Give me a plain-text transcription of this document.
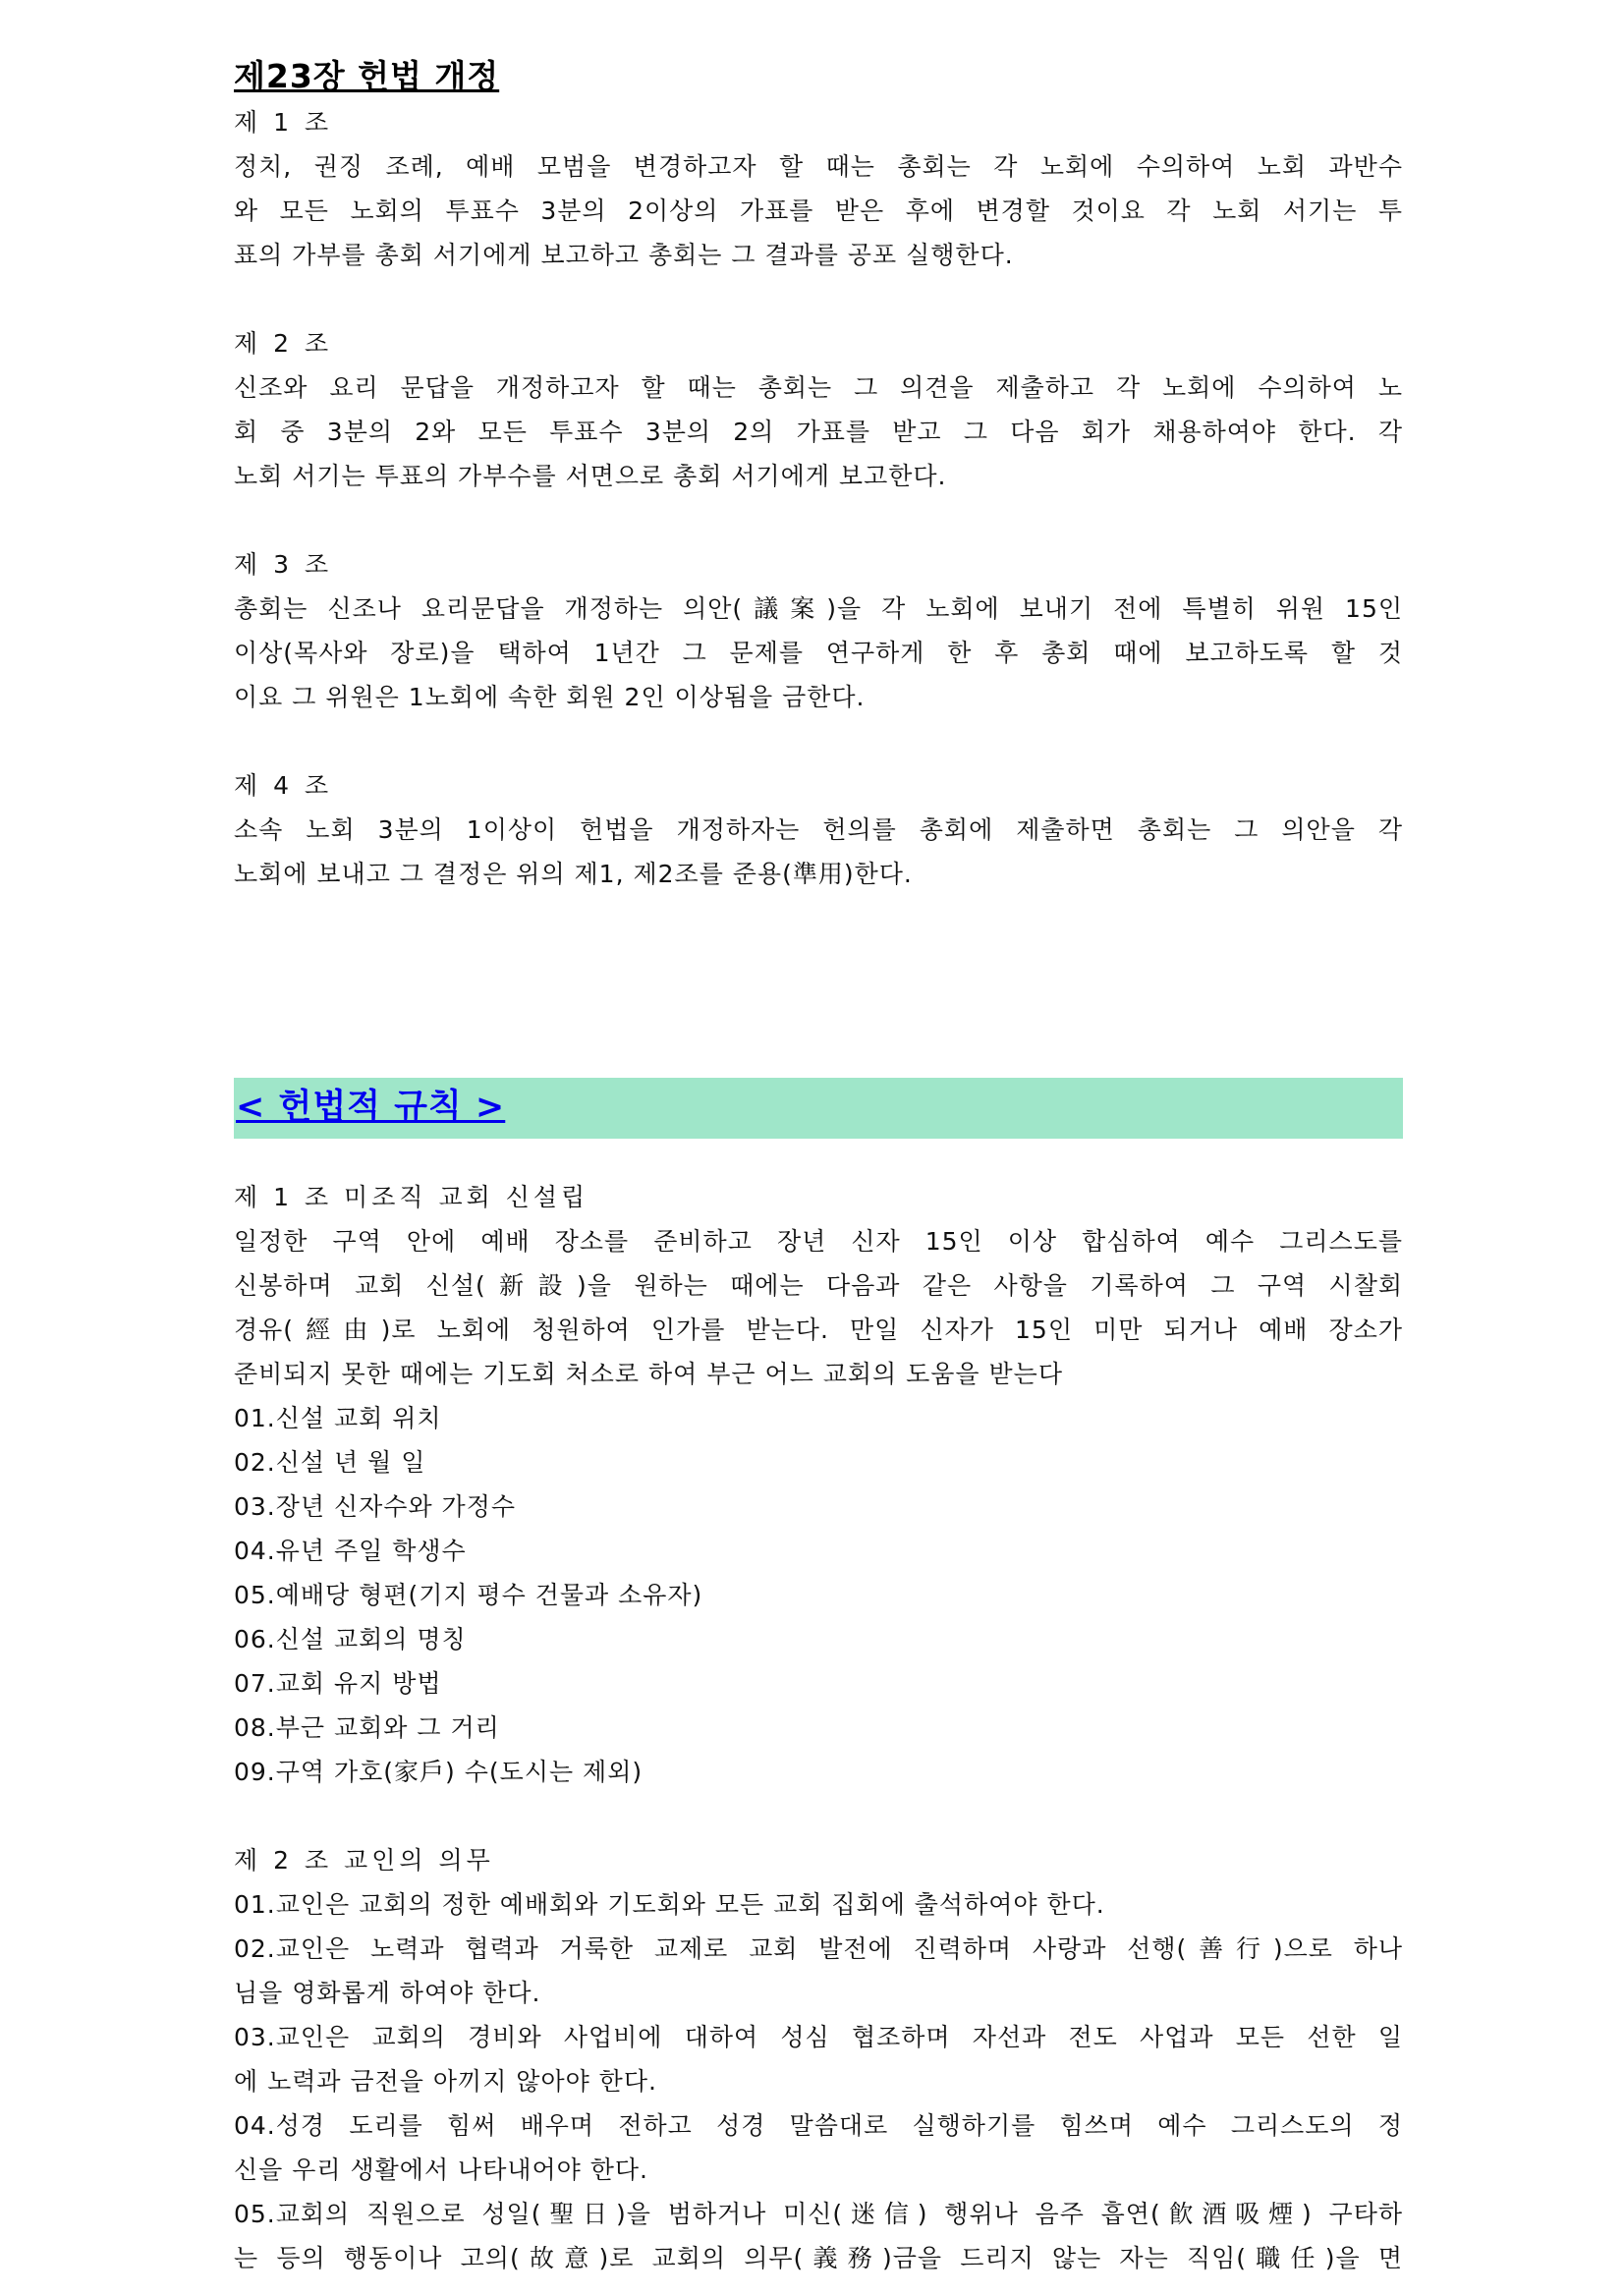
제23장 헌법 개정
제 1 조
정치, 권징 조례, 예배 모범을 변경하고자 할 때는 총회는 각 노회에 수의하여 노회 과반수
와 모든 노회의 투표수 3분의 2이상의 가표를 받은 후에 변경할 것이요 각 노회 서기는 투
표의 가부를 총회 서기에게 보고하고 총회는 그 결과를 공포 실행한다.
제 2 조
신조와 요리 문답을 개정하고자 할 때는 총회는 그 의견을 제출하고 각 노회에 수의하여 노
회 중 3분의 2와 모든 투표수 3분의 2의 가표를 받고 그 다음 회가 채용하여야 한다. 각
노회 서기는 투표의 가부수를 서면으로 총회 서기에게 보고한다.
제 3 조
총회는 신조나 요리문답을 개정하는 의안(議案)을 각 노회에 보내기 전에 특별히 위원 15인
이상(목사와 장로)을 택하여 1년간 그 문제를 연구하게 한 후 총회 때에 보고하도록 할 것
이요 그 위원은 1노회에 속한 회원 2인 이상됨을 금한다.
제 4 조
소속 노회 3분의 1이상이 헌법을 개정하자는 헌의를 총회에 제출하면 총회는 그 의안을 각
노회에 보내고 그 결정은 위의 제1, 제2조를 준용(準用)한다.
< 헌법적 규칙 >
제 1 조 미조직 교회 신설립
일정한 구역 안에 예배 장소를 준비하고 장년 신자 15인 이상 합심하여 예수 그리스도를
신봉하며 교회 신설(新設)을 원하는 때에는 다음과 같은 사항을 기록하여 그 구역 시찰회
경유(經由)로 노회에 청원하여 인가를 받는다. 만일 신자가 15인 미만 되거나 예배 장소가
준비되지 못한 때에는 기도회 처소로 하여 부근 어느 교회의 도움을 받는다
01.신설 교회 위치
02.신설 년 월 일
03.장년 신자수와 가정수
04.유년 주일 학생수
05.예배당 형편(기지 평수 건물과 소유자)
06.신설 교회의 명칭
07.교회 유지 방법
08.부근 교회와 그 거리
09.구역 가호(家戶) 수(도시는 제외)
제 2 조 교인의 의무
01.교인은 교회의 정한 예배회와 기도회와 모든 교회 집회에 출석하여야 한다.
02.교인은 노력과 협력과 거룩한 교제로 교회 발전에 진력하며 사랑과 선행(善行)으로 하나
님을 영화롭게 하여야 한다.
03.교인은 교회의 경비와 사업비에 대하여 성심 협조하며 자선과 전도 사업과 모든 선한 일
에 노력과 금전을 아끼지 않아야 한다.
04.성경 도리를 힘써 배우며 전하고 성경 말씀대로 실행하기를 힘쓰며 예수 그리스도의 정
신을 우리 생활에서 나타내어야 한다.
05.교회의 직원으로 성일(聖日)을 범하거나 미신(迷信) 행위나 음주 흡연(飮酒吸煙) 구타하
는 등의 행동이나 고의(故意)로 교회의 의무(義務)금을 드리지 않는 자는 직임(職任)을 면
